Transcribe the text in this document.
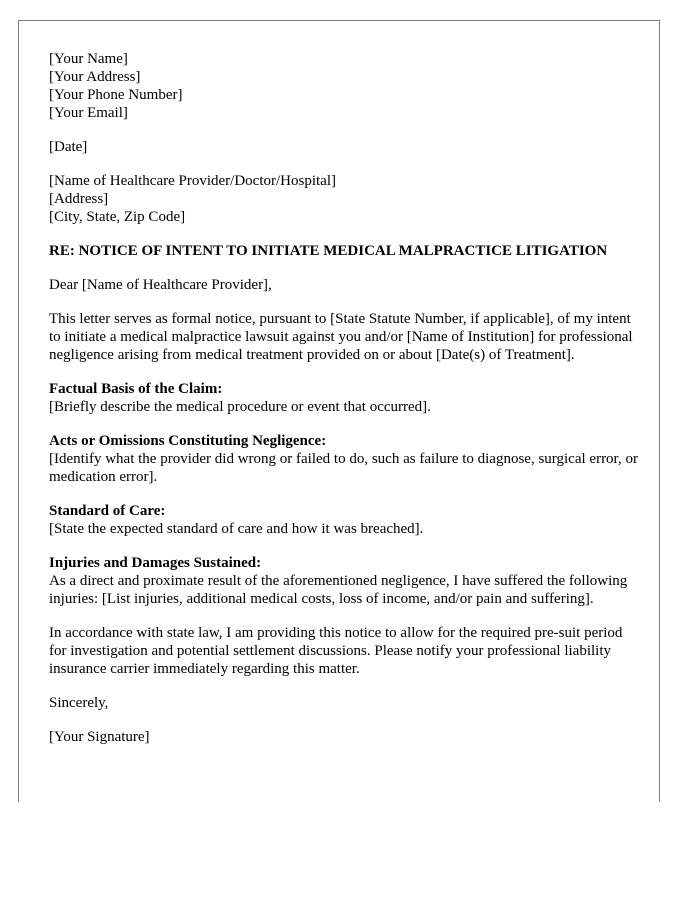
[Your Name]
[Your Address]
[Your Phone Number]
[Your Email]
[Date]
[Name of Healthcare Provider/Doctor/Hospital]
[Address]
[City, State, Zip Code]
RE: NOTICE OF INTENT TO INITIATE MEDICAL MALPRACTICE LITIGATION

Dear [Name of Healthcare Provider],

This letter serves as formal notice, pursuant to [State Statute Number, if applicable], of my intent to initiate a medical malpractice lawsuit against you and/or [Name of Institution] for professional negligence arising from medical treatment provided on or about [Date(s) of Treatment].

Factual Basis of the Claim:
[Briefly describe the medical procedure or event that occurred].
Acts or Omissions Constituting Negligence:
[Identify what the provider did wrong or failed to do, such as failure to diagnose, surgical error, or medication error].
Standard of Care:
[State the expected standard of care and how it was breached].
Injuries and Damages Sustained:
As a direct and proximate result of the aforementioned negligence, I have suffered the following injuries: [List injuries, additional medical costs, loss of income, and/or pain and suffering].

In accordance with state law, I am providing this notice to allow for the required pre-suit period for investigation and potential settlement discussions. Please notify your professional liability insurance carrier immediately regarding this matter.

Sincerely,

[Your Signature]
